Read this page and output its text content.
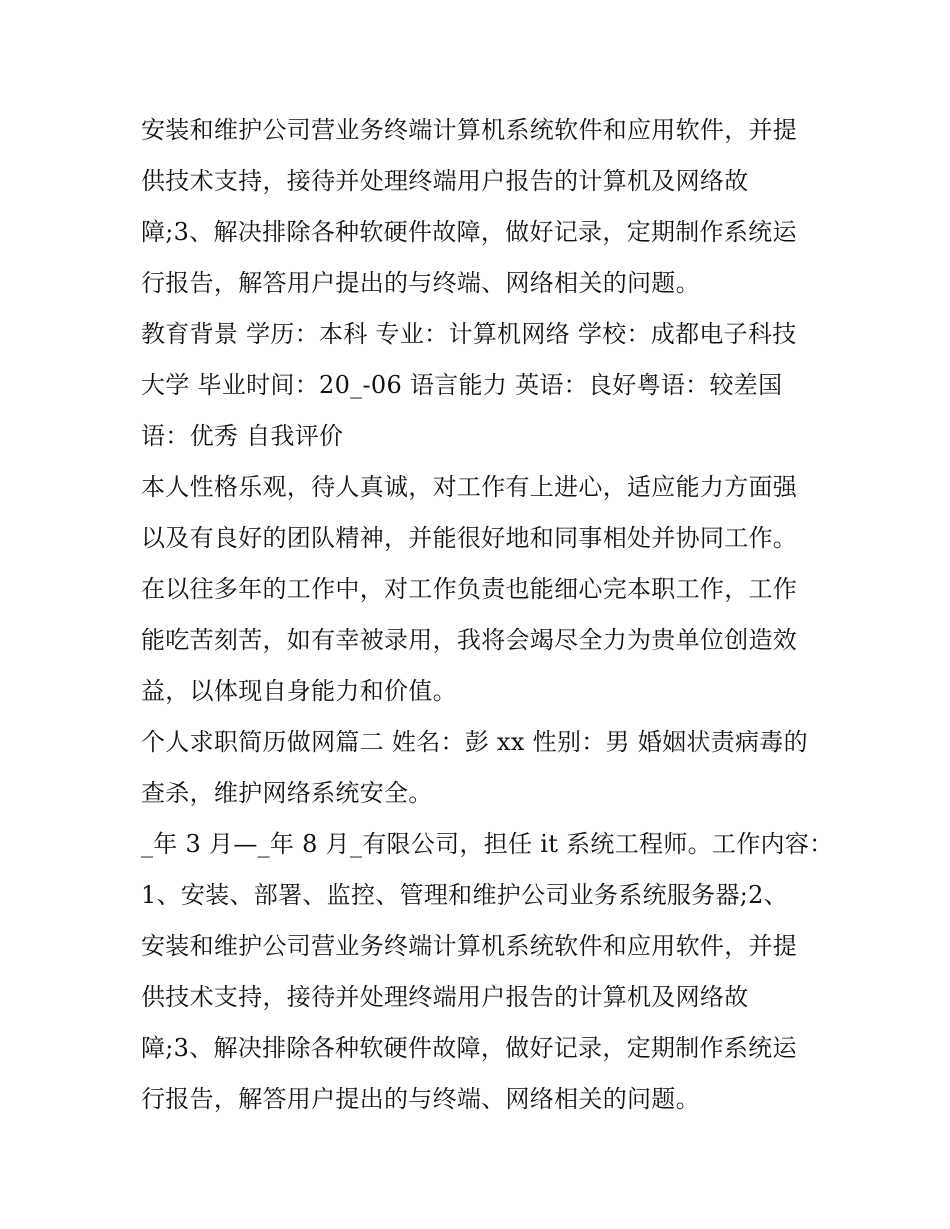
安装和维护公司营业务终端计算机系统软件和应用软件，并提
供技术支持，接待并处理终端用户报告的计算机及网络故
障;3、解决排除各种软硬件故障，做好记录，定期制作系统运
行报告，解答用户提出的与终端、网络相关的问题。
教育背景 学历：本科 专业：计算机网络 学校：成都电子科技
大学 毕业时间：20_-06 语言能力 英语：良好粤语：较差国
语：优秀 自我评价
本人性格乐观，待人真诚，对工作有上进心，适应能力方面强
以及有良好的团队精神，并能很好地和同事相处并协同工作。
在以往多年的工作中，对工作负责也能细心完本职工作，工作
能吃苦刻苦，如有幸被录用，我将会竭尽全力为贵单位创造效
益，以体现自身能力和价值。
个人求职简历做网篇二 姓名：彭 xx 性别：男 婚姻状责病毒的
查杀，维护网络系统安全。
_年 3 月—_年 8 月_有限公司，担任 it 系统工程师。工作内容：
1、安装、部署、监控、管理和维护公司业务系统服务器;2、
安装和维护公司营业务终端计算机系统软件和应用软件，并提
供技术支持，接待并处理终端用户报告的计算机及网络故
障;3、解决排除各种软硬件故障，做好记录，定期制作系统运
行报告，解答用户提出的与终端、网络相关的问题。
